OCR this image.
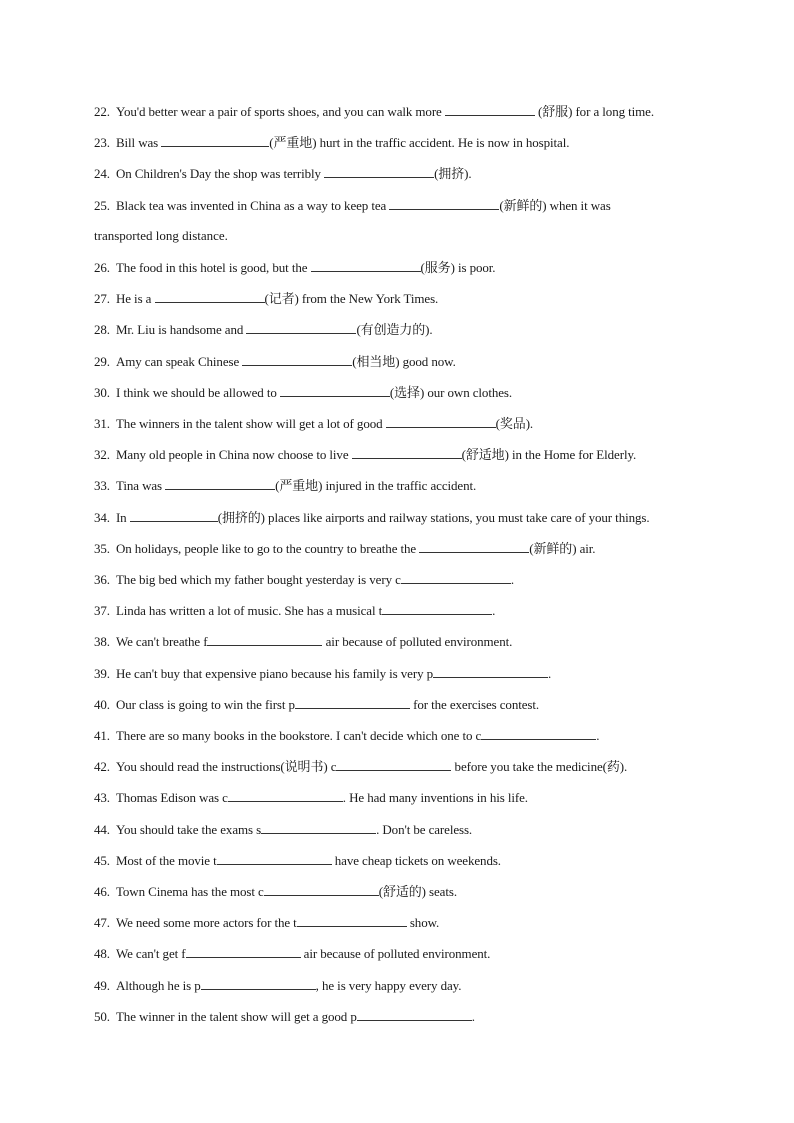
22. You'd better wear a pair of sports shoes, and you can walk more	(舒服) for a long time.
23. Bill was	(严重地) hurt in the traffic accident. He is now in hospital.
24. On Children's Day the shop was terribly	(拥挤).
25. Black tea was invented in China as a way to keep tea	(新鲜的) when it was
transported long distance.
26. The food in this hotel is good, but the	(服务) is poor.
27. He is a	(记者) from the New York Times.
28. Mr. Liu is handsome and	(有创造力的).
29. Amy can speak Chinese	(相当地) good now.
30. I think we should be allowed to	(选择) our own clothes.
31. The winners in the talent show will get a lot of good	(奖品).
32. Many old people in China now choose to live	(舒适地) in the Home for Elderly.
33. Tina was	(严重地) injured in the traffic accident.
34. In	(拥挤的) places like airports and railway stations, you must take care of your things.
35. On holidays, people like to go to the country to breathe the	(新鲜的) air.
36. The big bed which my father bought yesterday is very c	.
37. Linda has written a lot of music. She has a musical t	.
38. We can't breathe f	air because of polluted environment.
39. He can't buy that expensive piano because his family is very p	.
40. Our class is going to win the first p	for the exercises contest.
41. There are so many books in the bookstore. I can't decide which one to c	.
42. You should read the instructions(说明书) c	before you take the medicine(药).
43. Thomas Edison was c	. He had many inventions in his life.
44. You should take the exams s	. Don't be careless.
45. Most of the movie t	have cheap tickets on weekends.
46. Town Cinema has the most c	(舒适的) seats.
47. We need some more actors for the t	show.
48. We can't get f	air because of polluted environment.
49. Although he is p	, he is very happy every day.
50. The winner in the talent show will get a good p	.
